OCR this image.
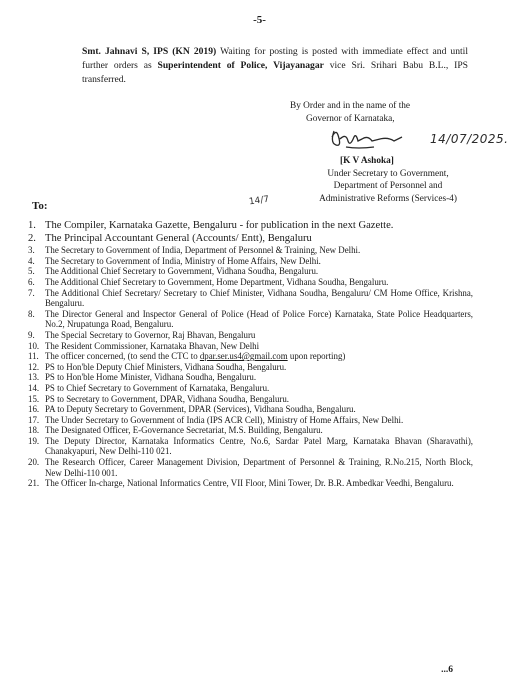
-5-
Smt. Jahnavi S, IPS (KN 2019) Waiting for posting is posted with immediate effect and until further orders as Superintendent of Police, Vijayanagar vice Sri. Srihari Babu B.L., IPS transferred.
By Order and in the name of the
Governor of Karnataka,
14/07/2025.
[K V Ashoka]
Under Secretary to Government,
Department of Personnel and
Administrative Reforms (Services-4)
To:	14/7
1. The Compiler, Karnataka Gazette, Bengaluru - for publication in the next Gazette.
2. The Principal Accountant General (Accounts/ Entt), Bengaluru
3.	The Secretary to Government of India, Department of Personnel & Training, New Delhi.
4.	The Secretary to Government of India, Ministry of Home Affairs, New Delhi.
5.	The Additional Chief Secretary to Government, Vidhana Soudha, Bengaluru.
6.	The Additional Chief Secretary to Government, Home Department, Vidhana Soudha, Bengaluru.
7.	The Additional Chief Secretary/ Secretary to Chief Minister, Vidhana Soudha, Bengaluru/ CM Home Office, Krishna, Bengaluru.
8.	The Director General and Inspector General of Police (Head of Police Force) Karnataka, State Police Headquarters, No.2, Nrupatunga Road, Bengaluru.
9.	The Special Secretary to Governor, Raj Bhavan, Bengaluru
10. The Resident Commissioner, Karnataka Bhavan, New Delhi
11. The officer concerned, (to send the CTC to dpar.ser.us4@gmail.com upon reporting)
12. PS to Hon'ble Deputy Chief Ministers, Vidhana Soudha, Bengaluru.
13. PS to Hon'ble Home Minister, Vidhana Soudha, Bengaluru.
14. PS to Chief Secretary to Government of Karnataka, Bengaluru.
15. PS to Secretary to Government, DPAR, Vidhana Soudha, Bengaluru.
16. PA to Deputy Secretary to Government, DPAR (Services), Vidhana Soudha, Bengaluru.
17. The Under Secretary to Government of India (IPS ACR Cell), Ministry of Home Affairs, New Delhi.
18. The Designated Officer, E-Governance Secretariat, M.S. Building, Bengaluru.
19. The Deputy Director, Karnataka Informatics Centre, No.6, Sardar Patel Marg, Karnataka Bhavan (Sharavathi), Chanakyapuri, New Delhi-110 021.
20. The Research Officer, Career Management Division, Department of Personnel & Training, R.No.215, North Block, New Delhi-110 001.
21. The Officer In-charge, National Informatics Centre, VII Floor, Mini Tower, Dr. B.R. Ambedkar Veedhi, Bengaluru.
...6
